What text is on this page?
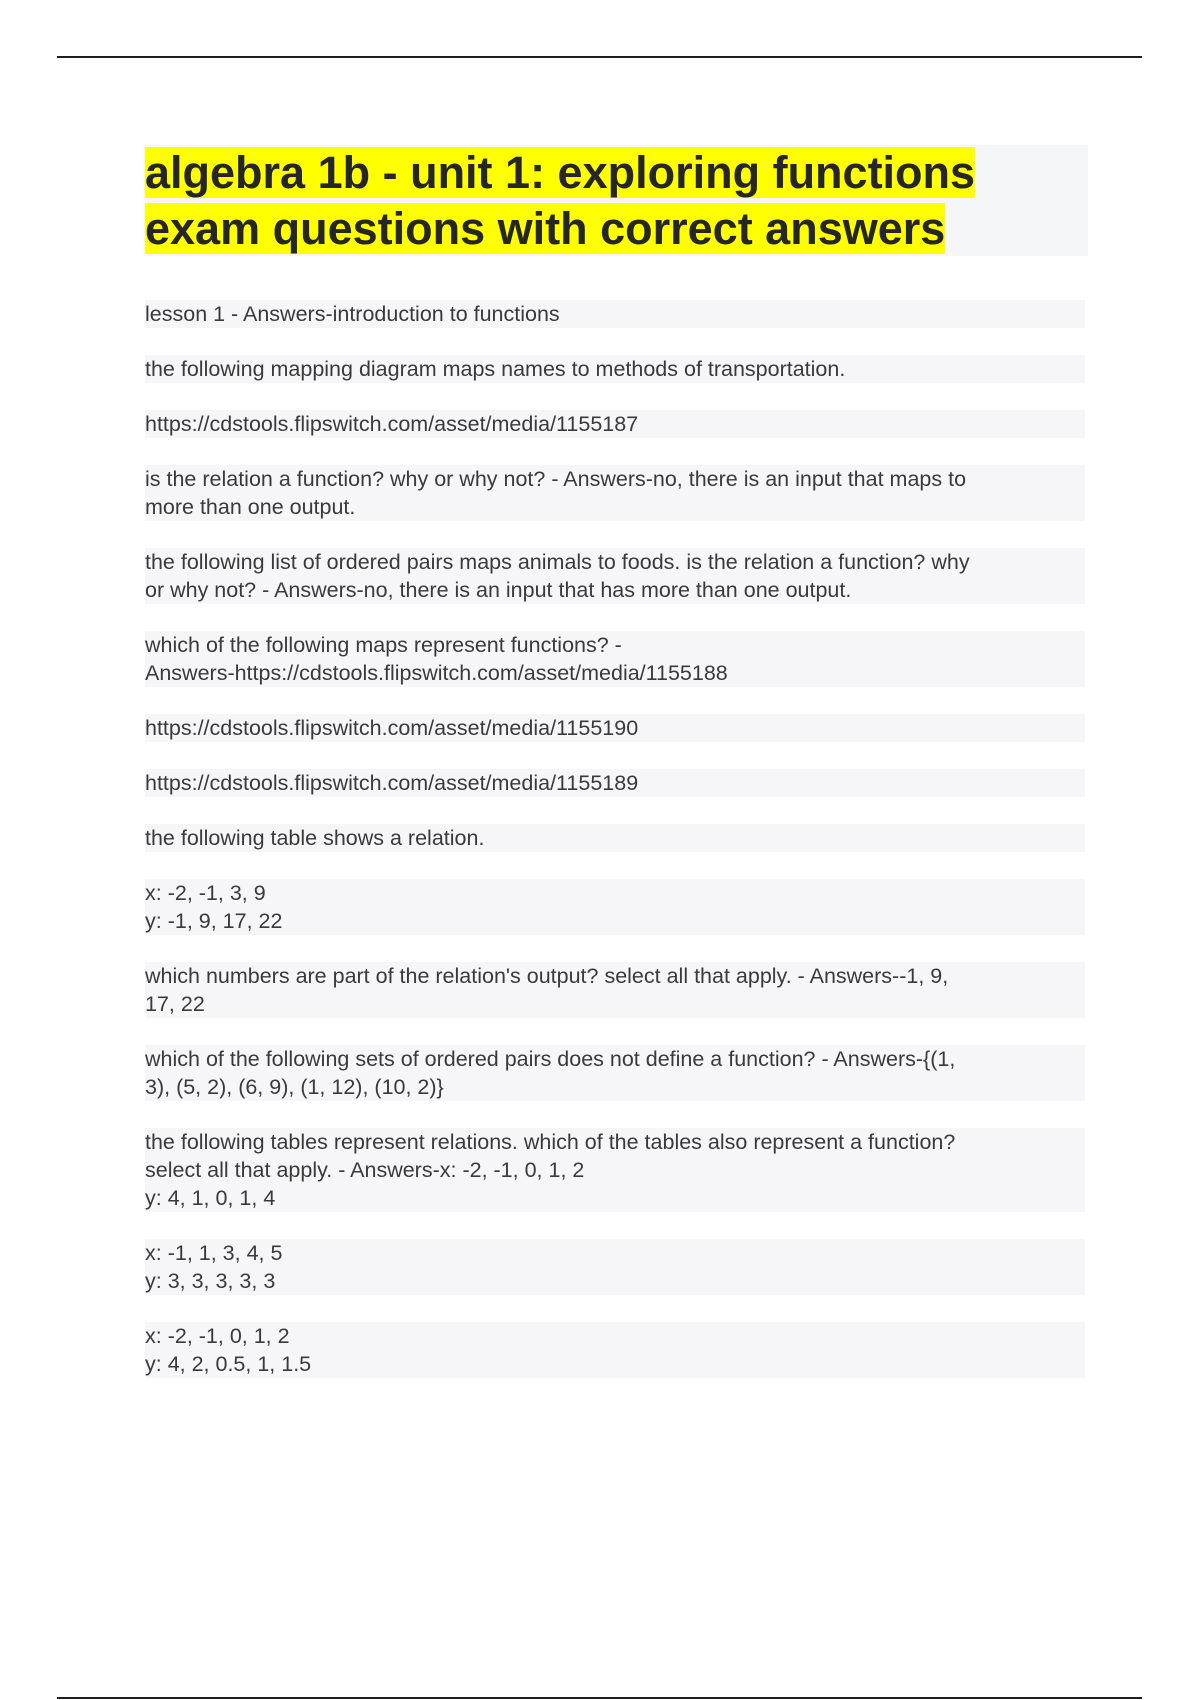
algebra 1b - unit 1: exploring functions
exam questions with correct answers

lesson 1 - Answers-introduction to functions

the following mapping diagram maps names to methods of transportation.

https://cdstools.flipswitch.com/asset/media/1155187

is the relation a function? why or why not? - Answers-no, there is an input that maps to
more than one output.

the following list of ordered pairs maps animals to foods. is the relation a function? why
or why not? - Answers-no, there is an input that has more than one output.

which of the following maps represent functions? -
Answers-https://cdstools.flipswitch.com/asset/media/1155188

https://cdstools.flipswitch.com/asset/media/1155190

https://cdstools.flipswitch.com/asset/media/1155189

the following table shows a relation.

x: -2, -1, 3, 9
y: -1, 9, 17, 22

which numbers are part of the relation's output? select all that apply. - Answers--1, 9,
17, 22

which of the following sets of ordered pairs does not define a function? - Answers-{(1,
3), (5, 2), (6, 9), (1, 12), (10, 2)}

the following tables represent relations. which of the tables also represent a function?
select all that apply. - Answers-x: -2, -1, 0, 1, 2
y: 4, 1, 0, 1, 4

x: -1, 1, 3, 4, 5
y: 3, 3, 3, 3, 3

x: -2, -1, 0, 1, 2
y: 4, 2, 0.5, 1, 1.5
